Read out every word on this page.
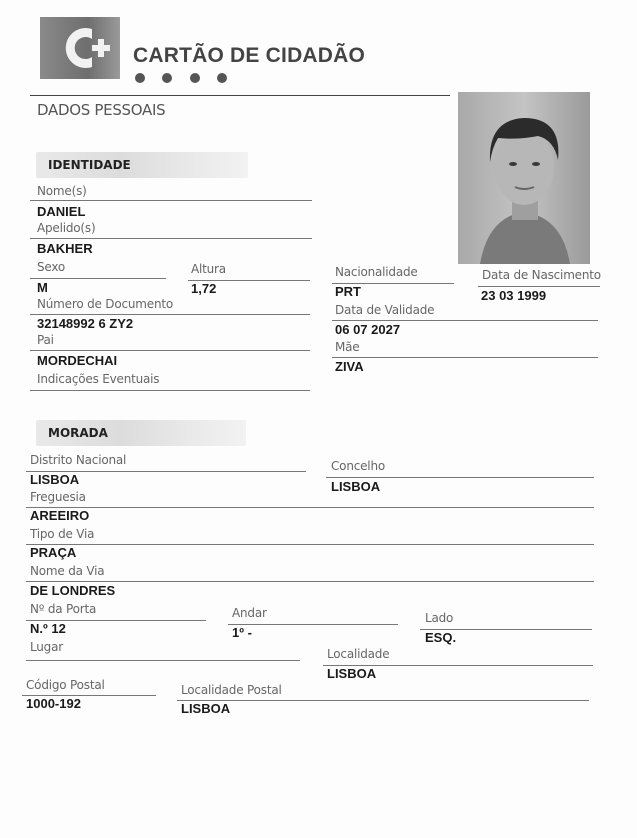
CARTÃO DE CIDADÃO

DADOS PESSOAIS
IDENTIDADE
Nome(s)
DANIEL
Apelido(s)
BAKHER
Sexo
M
Altura
1,72
Nacionalidade
PRT
Data de Nascimento
23 03 1999
Número de Documento
32148992 6 ZY2
Data de Validade
06 07 2027
Pai
MORDECHAI
Mãe
ZIVA
Indicações Eventuais
MORADA
Distrito Nacional
LISBOA
Concelho
LISBOA
Freguesia
AREEIRO
Tipo de Via
PRAÇA
Nome da Via
DE LONDRES
Nº da Porta
N.º 12
Andar
1º -
Lado
ESQ.
Lugar	Localidade
LISBOA
Código Postal
1000-192
Localidade Postal
LISBOA
